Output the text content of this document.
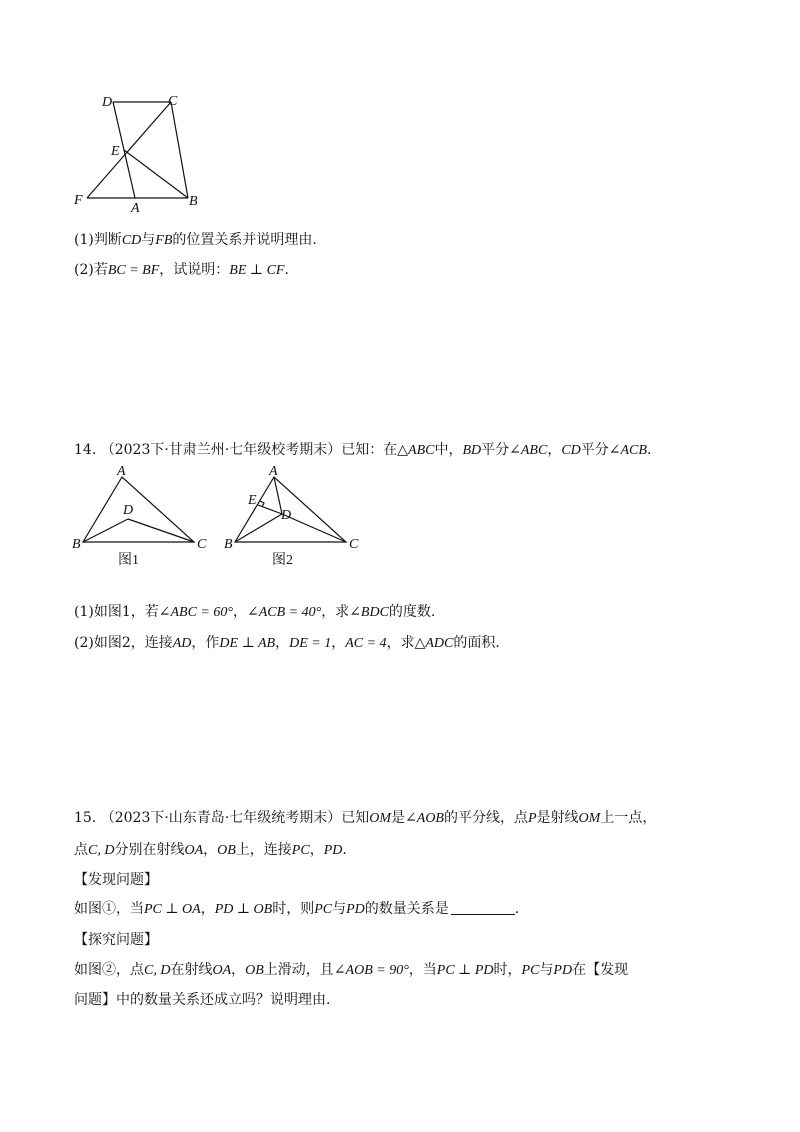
D	C
E
F
A	B
(1)判断CD与FB的位置关系并说明理由.
(2)若BC = BF，试说明：BE ⊥ CF.
14. （2023下·甘肃兰州·七年级校考期末）已知：在△ABC中，BD平分∠ABC，CD平分∠ACB.
A
D
B	C
图1
A
E
D
B	C
图2
(1)如图1，若∠ABC = 60°，∠ACB = 40°，求∠BDC的度数.
(2)如图2，连接AD，作DE ⊥ AB，DE = 1，AC = 4，求△ADC的面积.
15. （2023下·山东青岛·七年级统考期末）已知OM是∠AOB的平分线，点P是射线OM上一点，
点C, D分别在射线OA，OB上，连接PC，PD.
【发现问题】
如图①，当PC ⊥ OA，PD ⊥ OB时，则PC与PD的数量关系是	.
【探究问题】
如图②，点C, D在射线OA，OB上滑动，且∠AOB = 90°，当PC ⊥ PD时，PC与PD在【发现
问题】中的数量关系还成立吗？说明理由.
